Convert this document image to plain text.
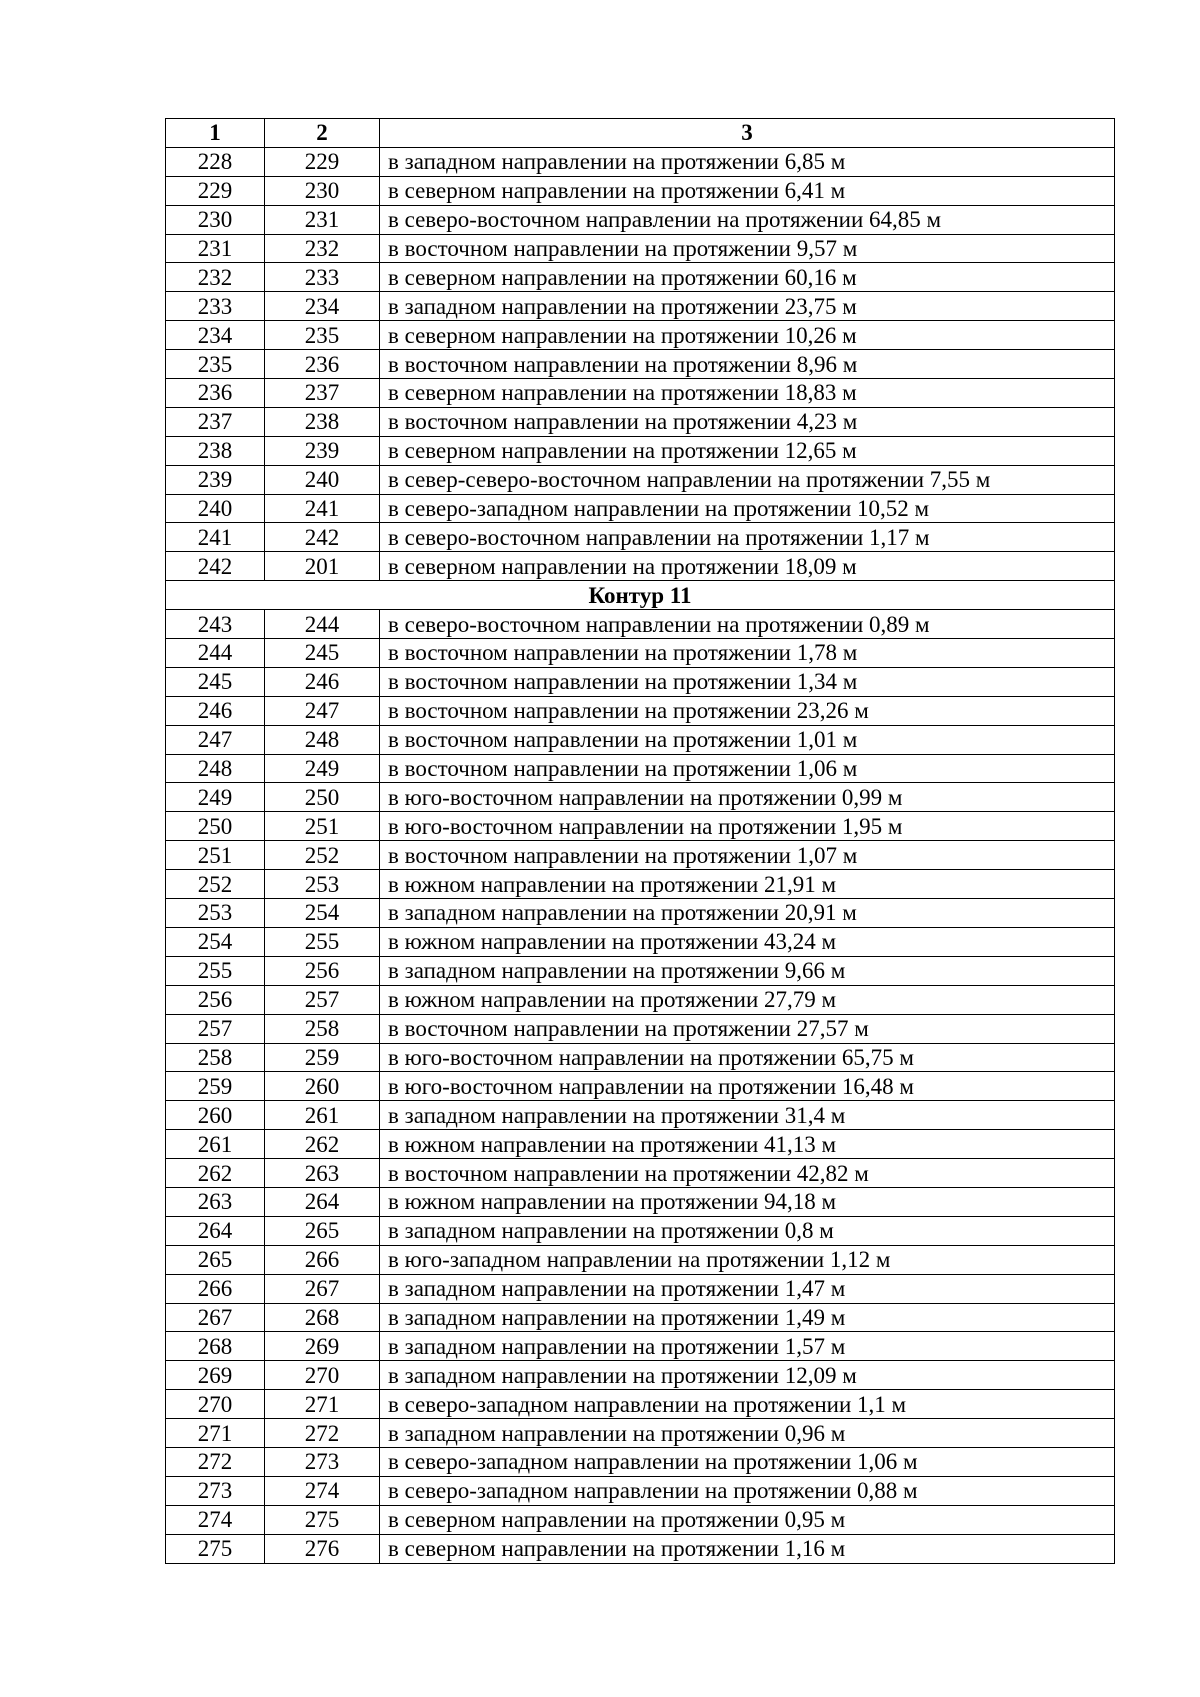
1	2	3
228	229	в западном направлении на протяжении 6,85 м
229	230	в северном направлении на протяжении 6,41 м
230	231	в северо-восточном направлении на протяжении 64,85 м
231	232	в восточном направлении на протяжении 9,57 м
232	233	в северном направлении на протяжении 60,16 м
233	234	в западном направлении на протяжении 23,75 м
234	235	в северном направлении на протяжении 10,26 м
235	236	в восточном направлении на протяжении 8,96 м
236	237	в северном направлении на протяжении 18,83 м
237	238	в восточном направлении на протяжении 4,23 м
238	239	в северном направлении на протяжении 12,65 м
239	240	в север-северо-восточном направлении на протяжении 7,55 м
240	241	в северо-западном направлении на протяжении 10,52 м
241	242	в северо-восточном направлении на протяжении 1,17 м
242	201	в северном направлении на протяжении 18,09 м
Контур 11		
243	244	в северо-восточном направлении на протяжении 0,89 м
244	245	в восточном направлении на протяжении 1,78 м
245	246	в восточном направлении на протяжении 1,34 м
246	247	в восточном направлении на протяжении 23,26 м
247	248	в восточном направлении на протяжении 1,01 м
248	249	в восточном направлении на протяжении 1,06 м
249	250	в юго-восточном направлении на протяжении 0,99 м
250	251	в юго-восточном направлении на протяжении 1,95 м
251	252	в восточном направлении на протяжении 1,07 м
252	253	в южном направлении на протяжении 21,91 м
253	254	в западном направлении на протяжении 20,91 м
254	255	в южном направлении на протяжении 43,24 м
255	256	в западном направлении на протяжении 9,66 м
256	257	в южном направлении на протяжении 27,79 м
257	258	в восточном направлении на протяжении 27,57 м
258	259	в юго-восточном направлении на протяжении 65,75 м
259	260	в юго-восточном направлении на протяжении 16,48 м
260	261	в западном направлении на протяжении 31,4 м
261	262	в южном направлении на протяжении 41,13 м
262	263	в восточном направлении на протяжении 42,82 м
263	264	в южном направлении на протяжении 94,18 м
264	265	в западном направлении на протяжении 0,8 м
265	266	в юго-западном направлении на протяжении 1,12 м
266	267	в западном направлении на протяжении 1,47 м
267	268	в западном направлении на протяжении 1,49 м
268	269	в западном направлении на протяжении 1,57 м
269	270	в западном направлении на протяжении 12,09 м
270	271	в северо-западном направлении на протяжении 1,1 м
271	272	в западном направлении на протяжении 0,96 м
272	273	в северо-западном направлении на протяжении 1,06 м
273	274	в северо-западном направлении на протяжении 0,88 м
274	275	в северном направлении на протяжении 0,95 м
275	276	в северном направлении на протяжении 1,16 м
